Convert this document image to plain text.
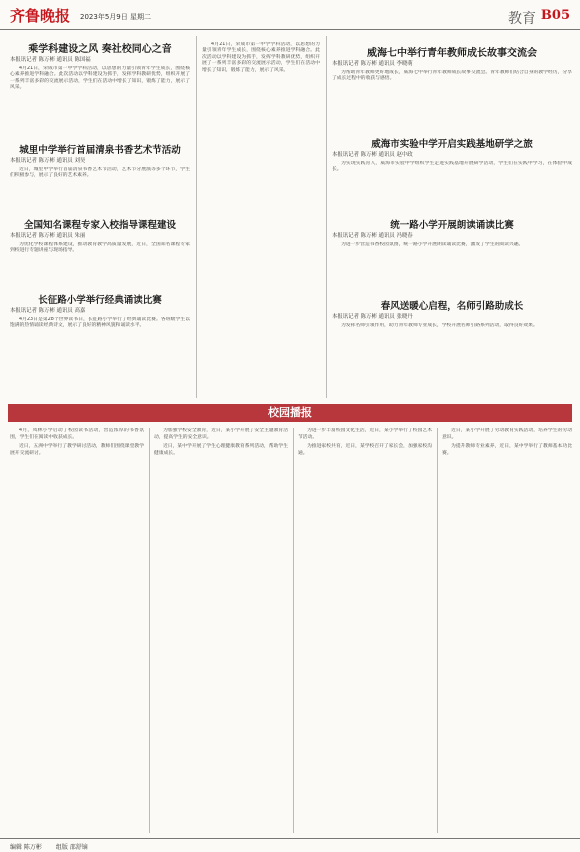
齐鲁晚报 2023年5月9日 星期二	教育 B05
乘学科建设之风 奏社校同心之音
本报讯记者 陈万彬 通讯员 陈国福
4月21日，荣成市第一中学学科活动，以思想的力量引领青年学生成长，围绕核心素养推进学科融合。此次活动以学科建设为抓手，发挥学科教研优势，组织开展了一系列丰富多彩的交流展示活动，学生们在活动中增长了知识，锻炼了能力，展示了风采。
城里中学举行首届清泉书香艺术节活动
本报讯记者 陈万彬 通讯员 刘昊
近日，城里中学举行首届清泉书香艺术节活动，艺术节分展演等多个环节，学生们积极参与，展示了良好的艺术素养。
全国知名课程专家入校指导课程建设
本报讯记者 陈万彬 通讯员 朱丽
为优化学校课程体系建设，推动教育教学高质量发展，近日，全国知名课程专家到校进行专题讲座与现场指导。
长征路小学举行经典诵读比赛
本报讯记者 陈万彬 通讯员 高嘉
4月23日是第28个世界读书日，长征路小学举行了经典诵读比赛。各班级学生以饱满的热情诵读经典诗文，展示了良好的精神风貌和诵读水平。
4月21日，荣成市第一中学学科活动，以思想的力量引领青年学生成长，围绕核心素养推进学科融合。此次活动以学科建设为抓手，发挥学科教研优势，组织开展了一系列丰富多彩的交流展示活动，学生们在活动中增长了知识，锻炼了能力，展示了风采。
威海七中举行青年教师成长故事交流会
本报讯记者 陈万彬 通讯员 李晓萌
为帮助青年教师更好地成长，威海七中举行青年教师成长故事交流会。青年教师们结合自身的教学经历，分享了成长过程中的收获与感悟。
威海市实验中学开启实践基地研学之旅
本报讯记者 陈万彬 通讯员 赵中政
为实现实践育人，威海市实验中学组织学生走进实践基地开展研学活动，学生们在实践中学习，在体验中成长。
统一路小学开展朗读诵读比赛
本报讯记者 陈万彬 通讯员 冯晓春
为进一步营造书香校园氛围，统一路小学开展朗读诵读比赛，激发了学生的阅读兴趣。
春风送暖心启程，名师引路助成长
本报讯记者 陈万彬 通讯员 张晓丹
为发挥名师引领作用，助力青年教师专业成长，学校开展名师引路系列活动，取得良好效果。
校园播报

4月，凤林小学启动了校园读书活动，营造浓厚的书香氛围，学生们在阅读中收获成长。

近日，五洲中学举行了教学研讨活动，教师们围绕课堂教学展开交流研讨。

为加强学校安全教育，近日，某小学开展了安全主题教育活动，提高学生的安全意识。

近日，某中学开展了学生心理健康教育系列活动，帮助学生健康成长。

为进一步丰富校园文化生活，近日，某小学举行了校园艺术节活动。

为推进家校共育，近日，某学校召开了家长会，加强家校沟通。

近日，某小学开展了劳动教育实践活动，培养学生的劳动意识。

为提升教师专业素养，近日，某中学举行了教师基本功比赛。

编辑 陈万彬 组版 邵舒镝
